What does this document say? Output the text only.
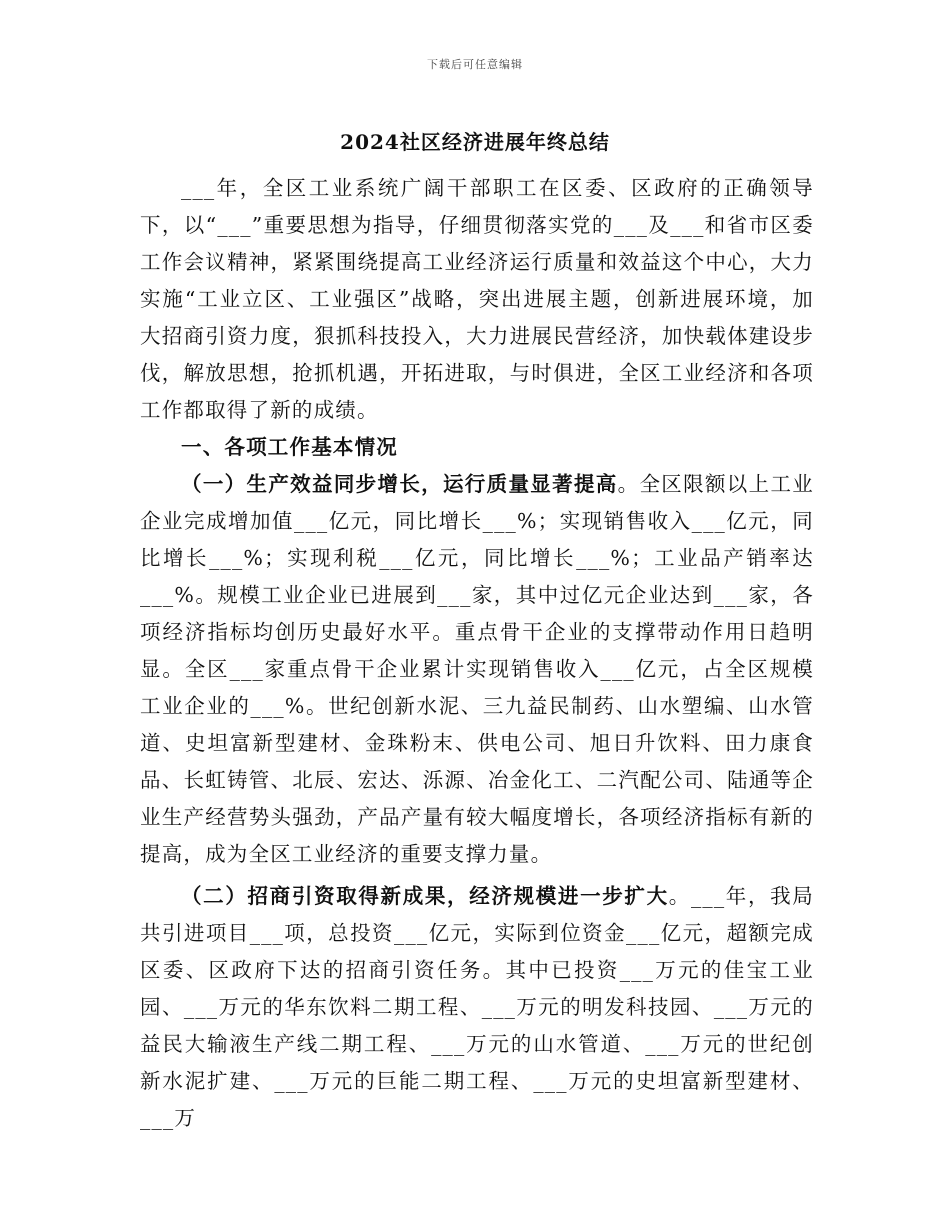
下载后可任意编辑
2024社区经济进展年终总结

___年，全区工业系统广阔干部职工在区委、区政府的正确领导下，以“___”重要思想为指导，仔细贯彻落实党的___及___和省市区委工作会议精神，紧紧围绕提高工业经济运行质量和效益这个中心，大力实施“工业立区、工业强区”战略，突出进展主题，创新进展环境，加大招商引资力度，狠抓科技投入，大力进展民营经济，加快载体建设步伐，解放思想，抢抓机遇，开拓进取，与时俱进，全区工业经济和各项工作都取得了新的成绩。

一、各项工作基本情况

（一）生产效益同步增长，运行质量显著提高。全区限额以上工业企业完成增加值___亿元，同比增长___%；实现销售收入___亿元，同比增长___%；实现利税___亿元，同比增长___%；工业品产销率达___%。规模工业企业已进展到___家，其中过亿元企业达到___家，各项经济指标均创历史最好水平。重点骨干企业的支撑带动作用日趋明显。全区___家重点骨干企业累计实现销售收入___亿元，占全区规模工业企业的___%。世纪创新水泥、三九益民制药、山水塑编、山水管道、史坦富新型建材、金珠粉末、供电公司、旭日升饮料、田力康食品、长虹铸管、北辰、宏达、泺源、冶金化工、二汽配公司、陆通等企业生产经营势头强劲，产品产量有较大幅度增长，各项经济指标有新的提高，成为全区工业经济的重要支撑力量。

（二）招商引资取得新成果，经济规模进一步扩大。___年，我局共引进项目___项，总投资___亿元，实际到位资金___亿元，超额完成区委、区政府下达的招商引资任务。其中已投资___万元的佳宝工业园、___万元的华东饮料二期工程、___万元的明发科技园、___万元的益民大输液生产线二期工程、___万元的山水管道、___万元的世纪创新水泥扩建、___万元的巨能二期工程、___万元的史坦富新型建材、___万
